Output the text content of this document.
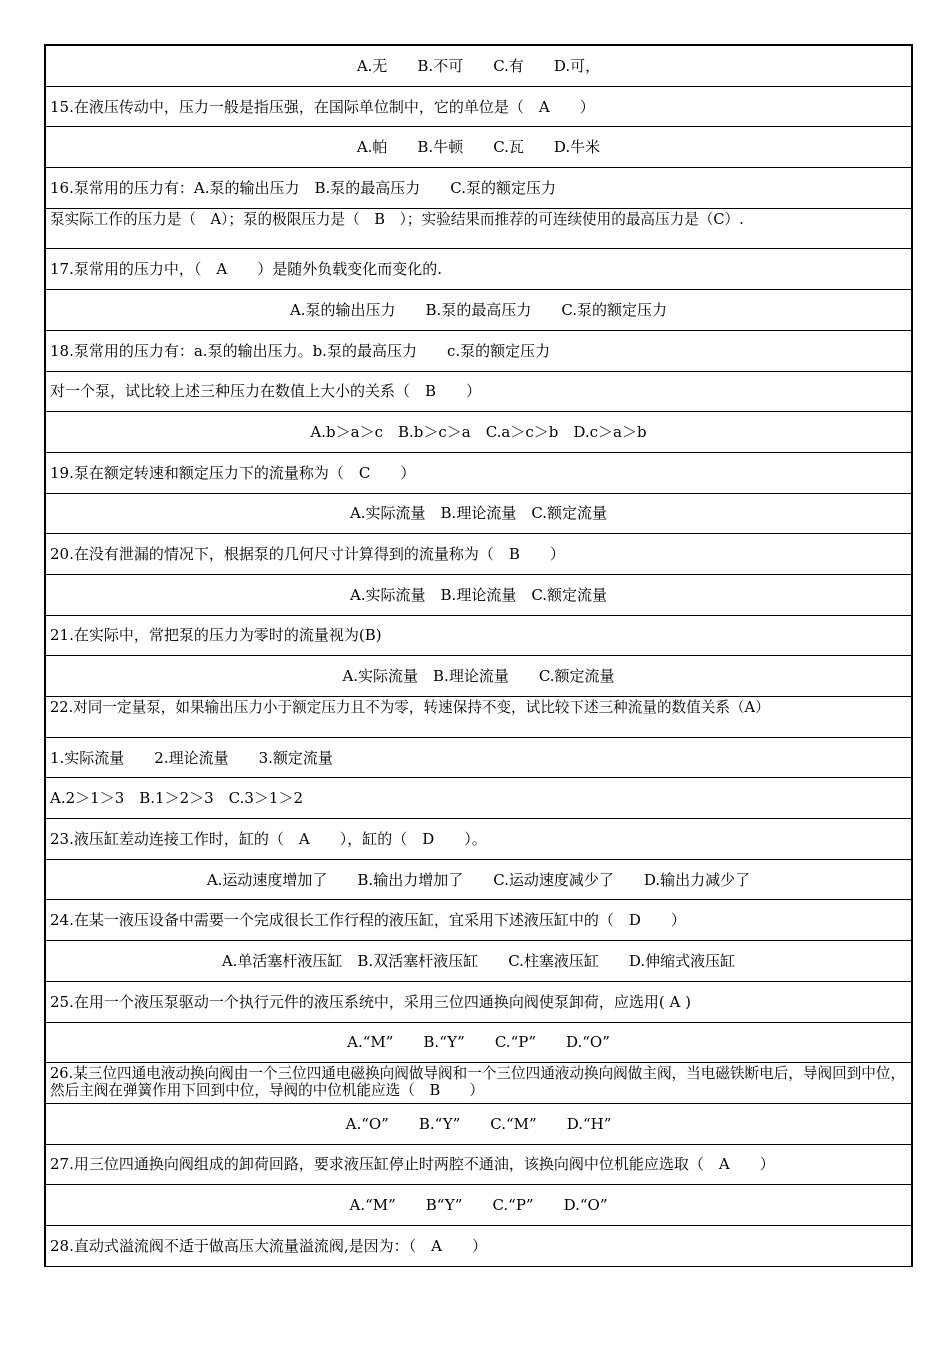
A.无　　B.不可　　C.有　　D.可，
15.在液压传动中，压力一般是指压强，在国际单位制中，它的单位是（　A　　）
A.帕　　B.牛顿　　C.瓦　　D.牛米
16.泵常用的压力有：A.泵的输出压力　B.泵的最高压力　　C.泵的额定压力
泵实际工作的压力是（　A）；泵的极限压力是（　B　）；实验结果而推荐的可连续使用的最高压力是（C）.
17.泵常用的压力中，（　A　　）是随外负载变化而变化的.
A.泵的输出压力　　B.泵的最高压力　　C.泵的额定压力
18.泵常用的压力有：a.泵的输出压力。b.泵的最高压力　　c.泵的额定压力
对一个泵，试比较上述三种压力在数值上大小的关系（　B　　）
A.b＞a＞c　B.b＞c＞a　C.a＞c＞b　D.c＞a＞b
19.泵在额定转速和额定压力下的流量称为（　C　　）
A.实际流量　B.理论流量　C.额定流量
20.在没有泄漏的情况下，根据泵的几何尺寸计算得到的流量称为（　B　　）
A.实际流量　B.理论流量　C.额定流量
21.在实际中，常把泵的压力为零时的流量视为(B)
A.实际流量　B.理论流量　　C.额定流量
22.对同一定量泵，如果输出压力小于额定压力且不为零，转速保持不变，试比较下述三种流量的数值关系（A）
1.实际流量　　2.理论流量　　3.额定流量
A.2＞1＞3　B.1＞2＞3　C.3＞1＞2
23.液压缸差动连接工作时，缸的（　A　　），缸的（　D　　）。
A.运动速度增加了　　B.输出力增加了　　C.运动速度减少了　　D.输出力减少了
24.在某一液压设备中需要一个完成很长工作行程的液压缸，宜采用下述液压缸中的（　D　　）
A.单活塞杆液压缸　B.双活塞杆液压缸　　C.柱塞液压缸　　D.伸缩式液压缸
25.在用一个液压泵驱动一个执行元件的液压系统中，采用三位四通换向阀使泵卸荷，应选用( A )
A.“M”　　B.“Y”　　C.“P”　　D.“O”
26.某三位四通电液动换向阀由一个三位四通电磁换向阀做导阀和一个三位四通液动换向阀做主阀，当电磁铁断电后，导阀回到中位，然后主阀在弹簧作用下回到中位，导阀的中位机能应选（　B　　）
A.“O”　　B.“Y”　　C.“M”　　D.“H”
27.用三位四通换向阀组成的卸荷回路，要求液压缸停止时两腔不通油，该换向阀中位机能应选取（　A　　）
A.“M”　　B“Y”　　C.“P”　　D.“O”
28.直动式溢流阀不适于做高压大流量溢流阀,是因为：（　A　　）
